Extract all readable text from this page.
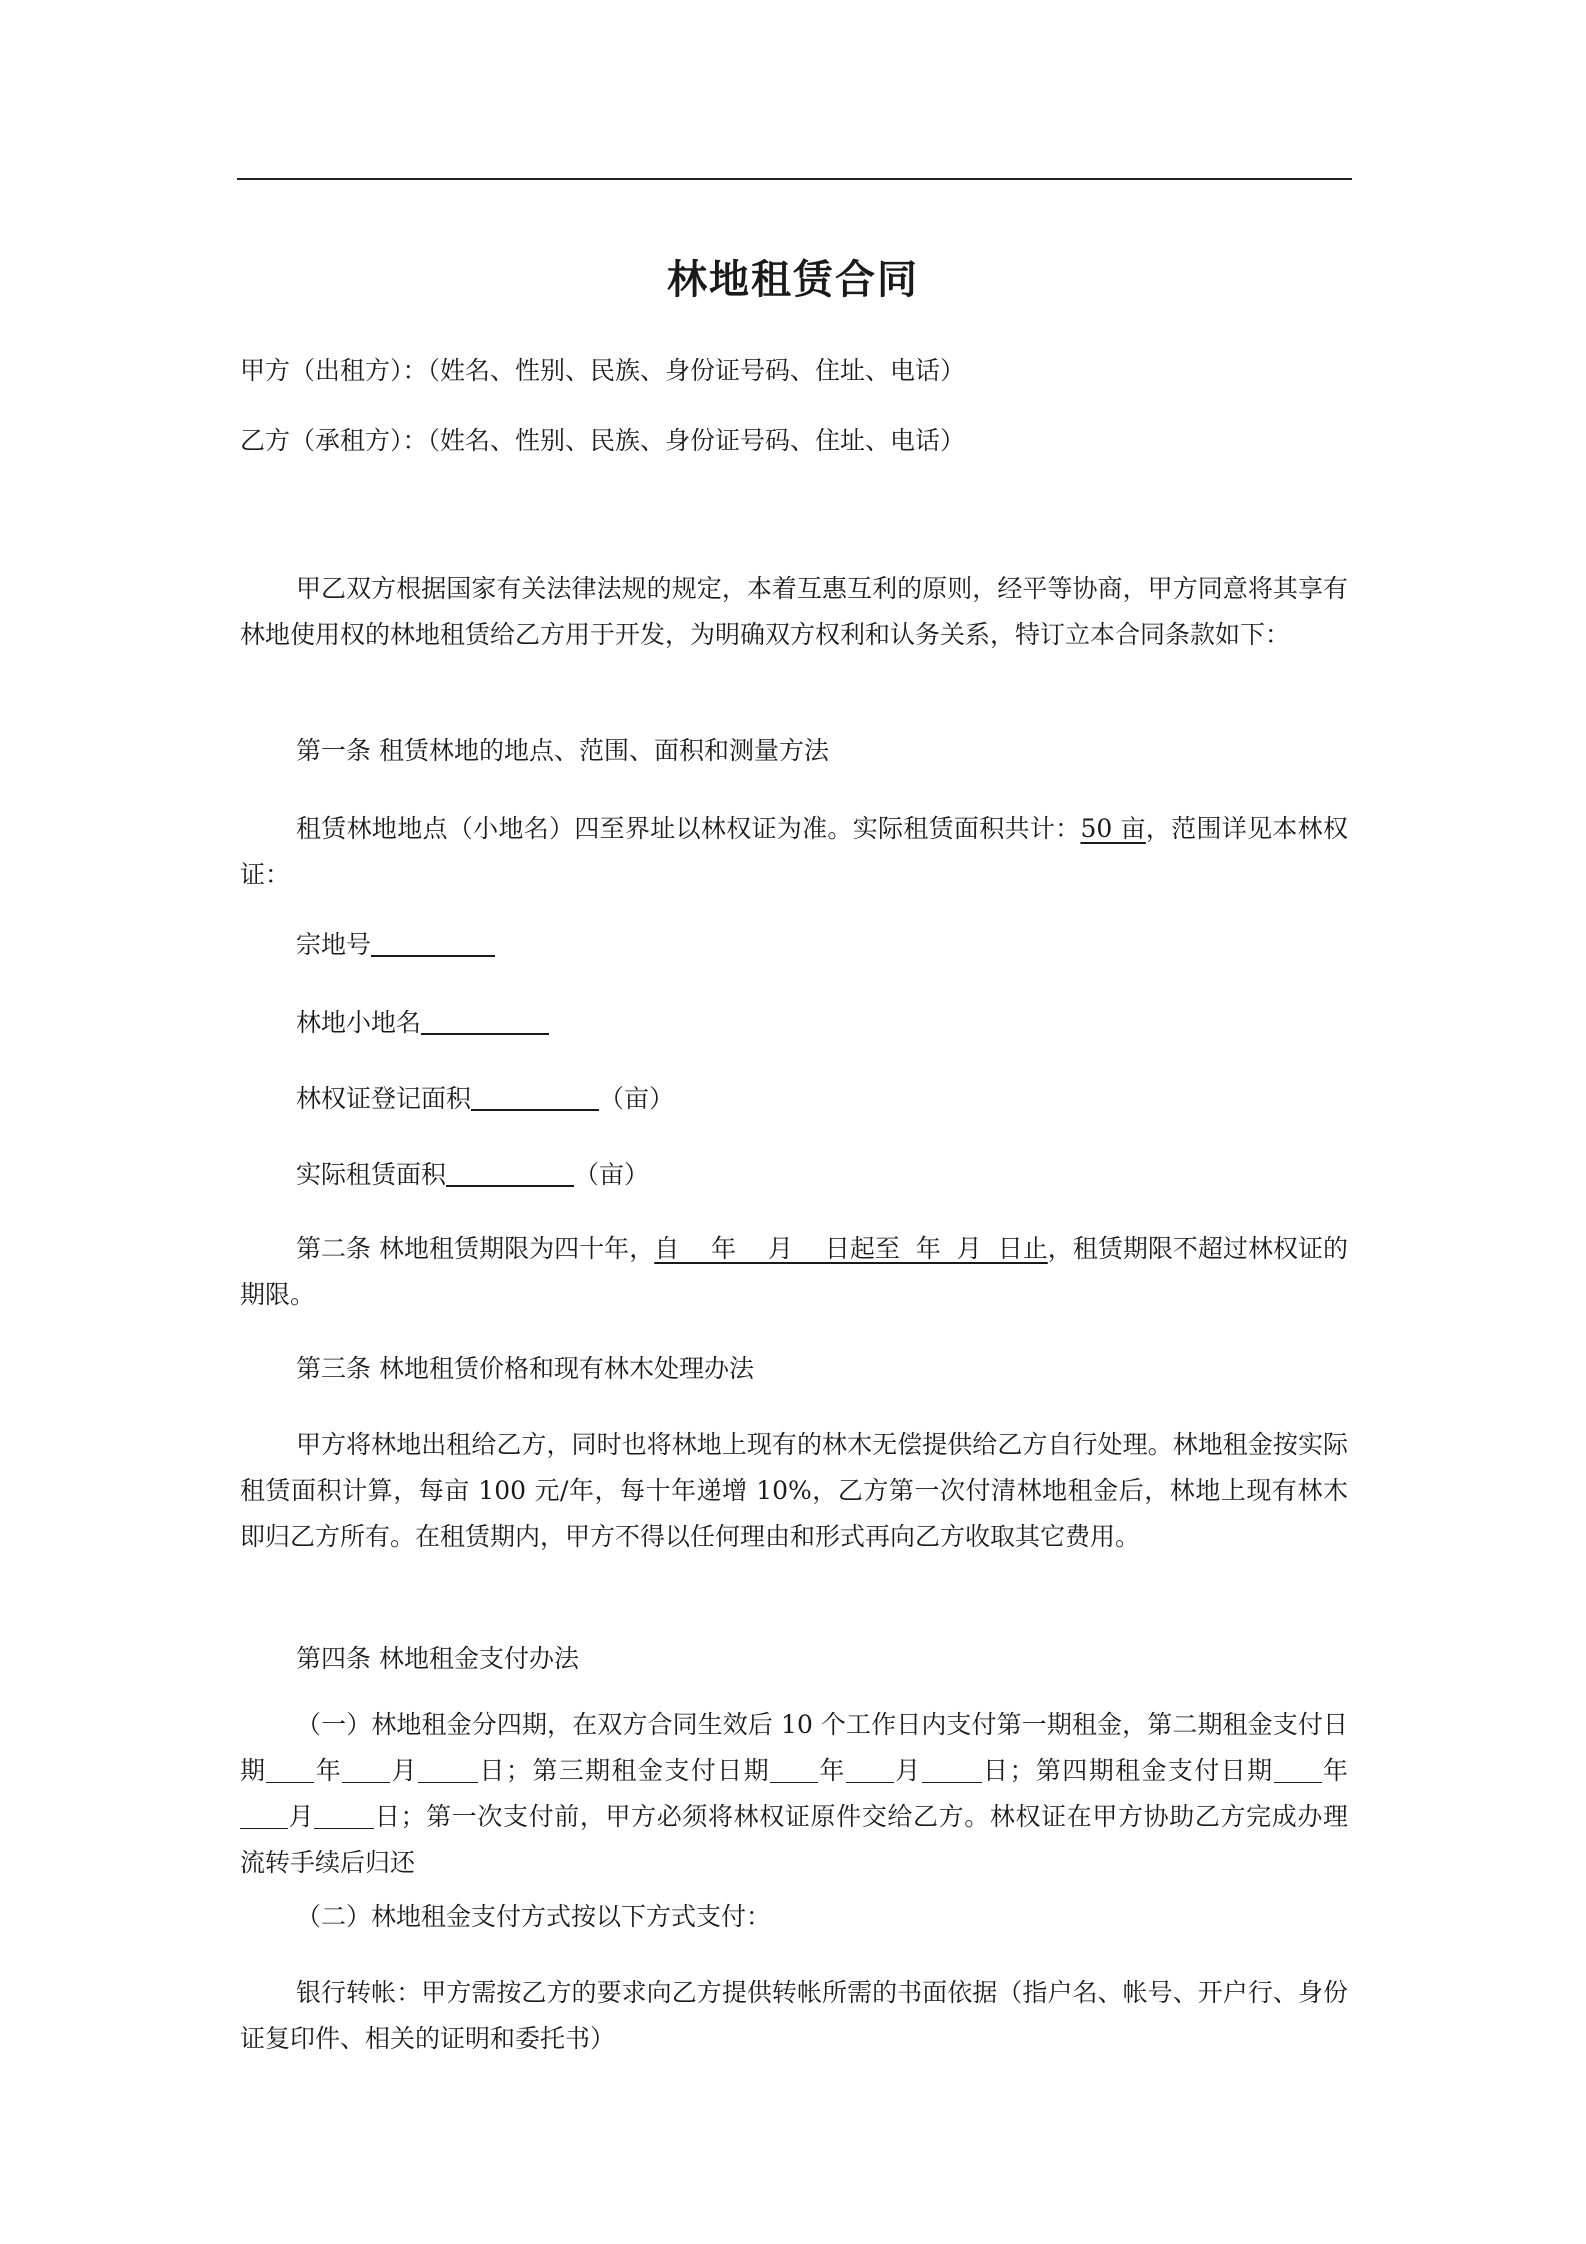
林地租赁合同
甲方（出租方）：（姓名、性别、民族、身份证号码、住址、电话）
乙方（承租方）：（姓名、性别、民族、身份证号码、住址、电话）
甲乙双方根据国家有关法律法规的规定，本着互惠互利的原则，经平等协商，甲方同意将其享有林地使用权的林地租赁给乙方用于开发，为明确双方权利和认务关系，特订立本合同条款如下：
第一条 租赁林地的地点、范围、面积和测量方法
租赁林地地点（小地名）四至界址以林权证为准。实际租赁面积共计：50 亩，范围详见本林权证：
宗地号
林地小地名
林权证登记面积	（亩）
实际租赁面积	（亩）
第二条 林地租赁期限为四十年，自    年    月    日起至  年  月  日止，租赁期限不超过林权证的期限。
第三条 林地租赁价格和现有林木处理办法
甲方将林地出租给乙方，同时也将林地上现有的林木无偿提供给乙方自行处理。林地租金按实际租赁面积计算，每亩 100 元/年，每十年递增 10%，乙方第一次付清林地租金后，林地上现有林木即归乙方所有。在租赁期内，甲方不得以任何理由和形式再向乙方收取其它费用。
第四条 林地租金支付办法
（一）林地租金分四期，在双方合同生效后 10 个工作日内支付第一期租金，第二期租金支付日期 年 月 日；第三期租金支付日期 年 月 日；第四期租金支付日期 年月 日；第一次支付前，甲方必须将林权证原件交给乙方。林权证在甲方协助乙方完成办理流转手续后归还
（二）林地租金支付方式按以下方式支付：
银行转帐：甲方需按乙方的要求向乙方提供转帐所需的书面依据（指户名、帐号、开户行、身份证复印件、相关的证明和委托书）
